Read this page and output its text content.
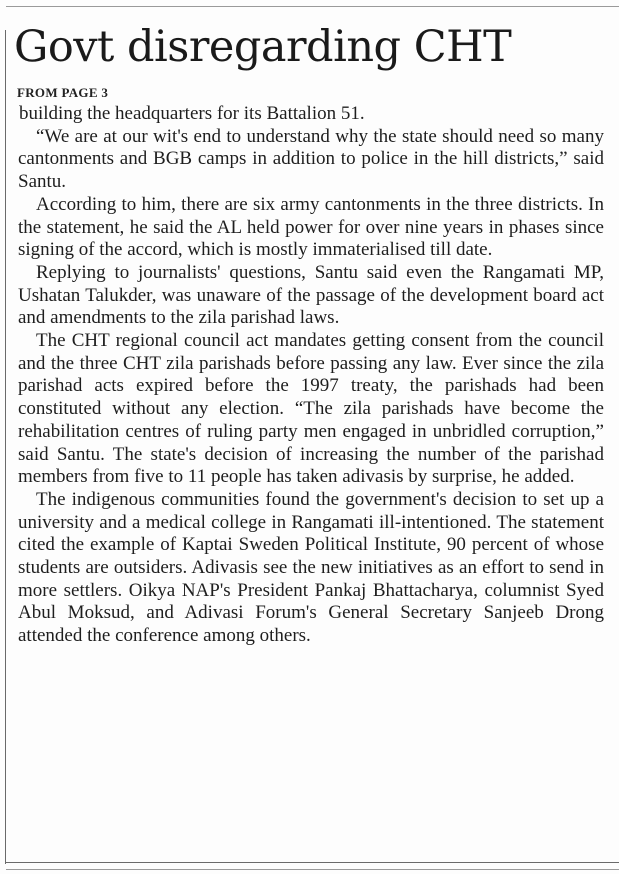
Govt disregarding CHT
FROM PAGE 3

building the headquarters for its Battalion 51.

“We are at our wit's end to understand why the state should need so many cantonments and BGB camps in addition to police in the hill districts,” said Santu.

According to him, there are six army cantonments in the three districts. In the statement, he said the AL held power for over nine years in phases since signing of the accord, which is mostly immaterialised till date.

Replying to journalists' questions, Santu said even the Rangamati MP, Ushatan Talukder, was unaware of the passage of the development board act and amendments to the zila parishad laws.

The CHT regional council act mandates getting consent from the council and the three CHT zila parishads before passing any law. Ever since the zila parishad acts expired before the 1997 treaty, the parishads had been constituted without any election. “The zila parishads have become the rehabilitation centres of ruling party men engaged in unbridled corruption,” said Santu. The state's decision of increasing the number of the parishad members from five to 11 people has taken adivasis by surprise, he added.

The indigenous communities found the government's decision to set up a university and a medical college in Rangamati ill-intentioned. The statement cited the example of Kaptai Sweden Political Institute, 90 percent of whose students are outsiders. Adivasis see the new initiatives as an effort to send in more settlers. Oikya NAP's President Pankaj Bhattacharya, columnist Syed Abul Moksud, and Adivasi Forum's General Secretary Sanjeeb Drong attended the conference among others.
